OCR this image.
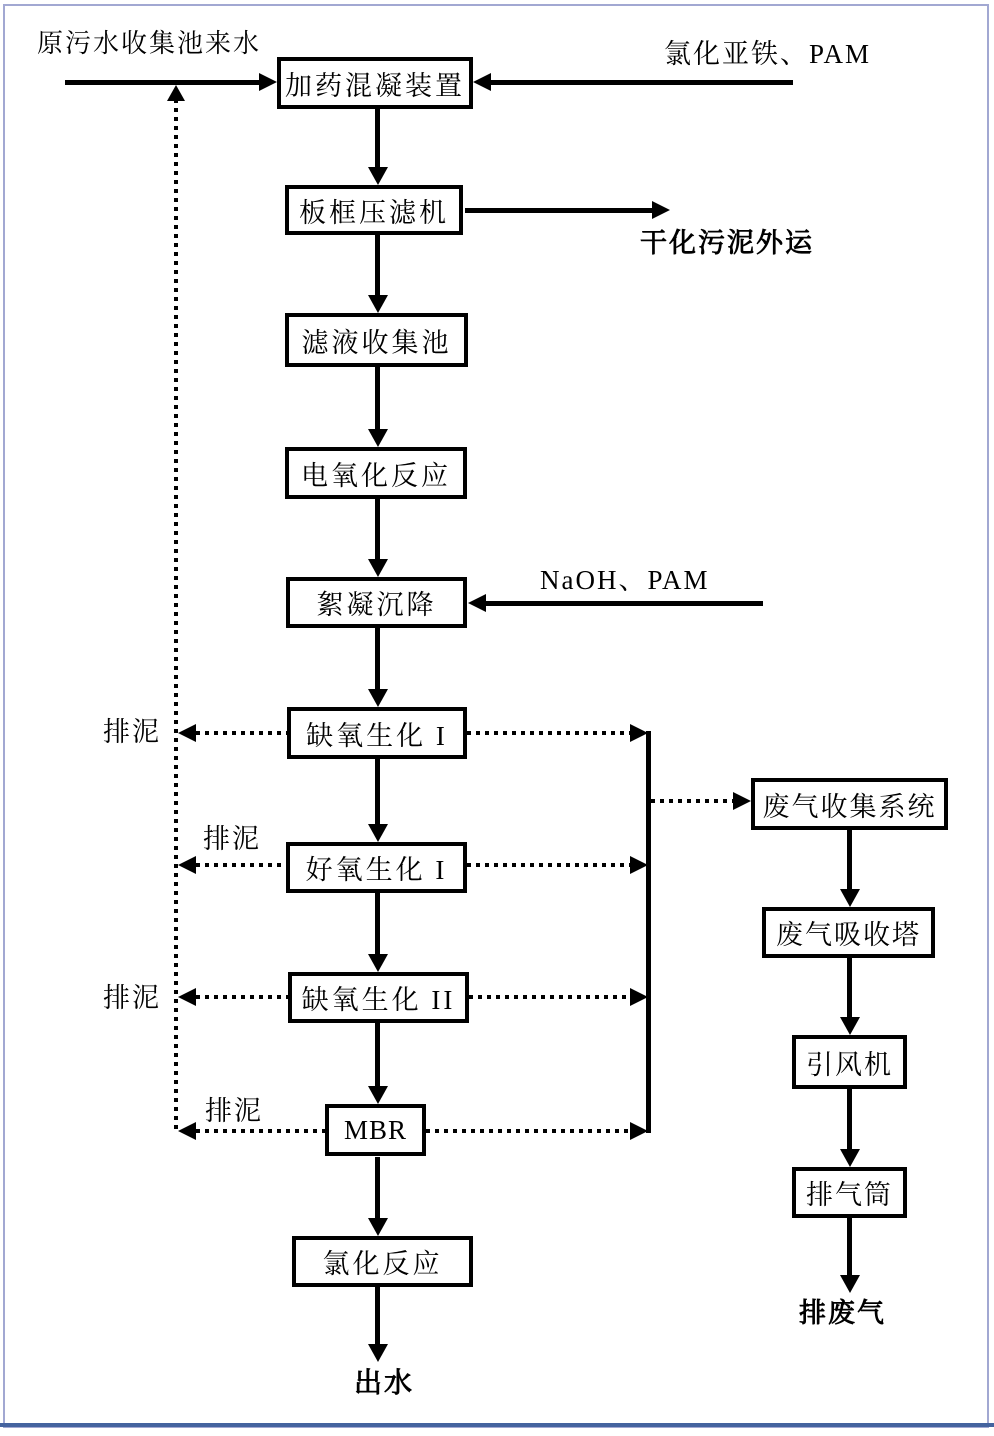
原污水收集池来水	氯化亚铁、PAM
干化污泥外运
NaOH、PAM
排泥
排泥
排泥
排泥
出水
排废气
加药混凝装置
板框压滤机
滤液收集池
电氧化反应
絮凝沉降
缺氧生化 I
好氧生化 I
缺氧生化 II
MBR
氯化反应
废气收集系统
废气吸收塔
引风机
排气筒
